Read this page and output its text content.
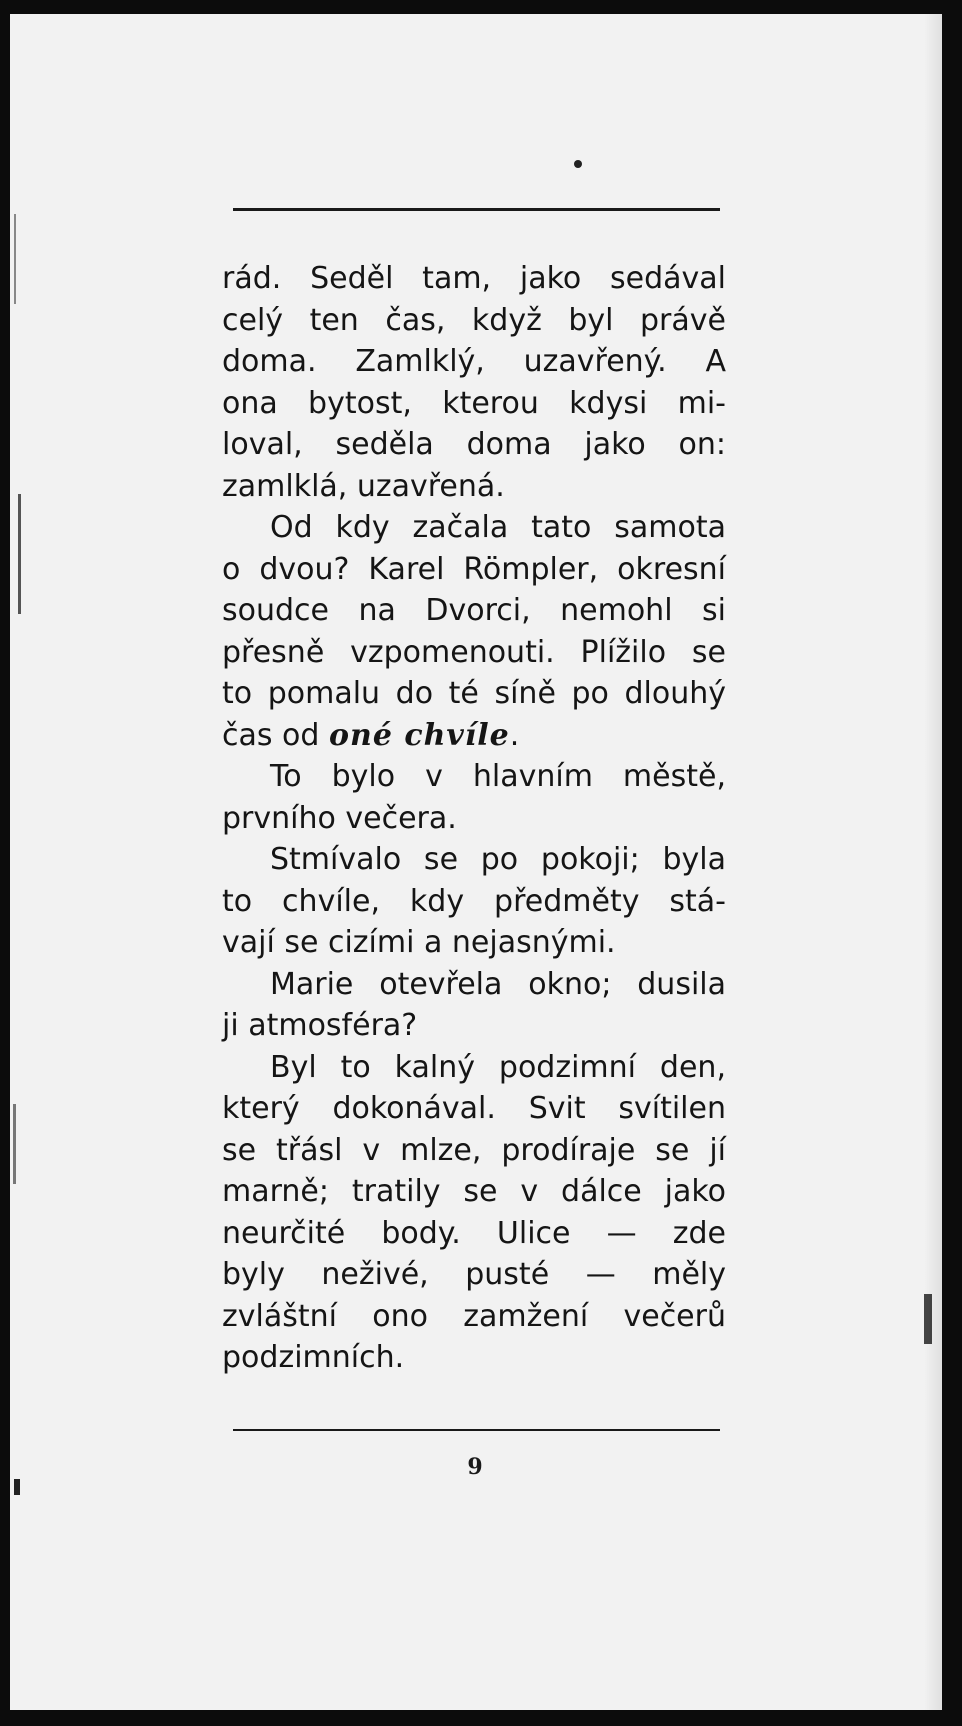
rád. Seděl tam, jako sedával
celý ten čas, když byl právě
doma. Zamlklý, uzavřený. A
ona bytost, kterou kdysi mi-
loval, seděla doma jako on:
zamlklá, uzavřená.
Od kdy začala tato samota
o dvou? Karel Römpler, okresní
soudce na Dvorci, nemohl si
přesně vzpomenouti. Plížilo se
to pomalu do té síně po dlouhý
čas od oné chvíle.
To bylo v hlavním městě,
prvního večera.
Stmívalo se po pokoji; byla
to chvíle, kdy předměty stá-
vají se cizími a nejasnými.
Marie otevřela okno; dusila
ji atmosféra?
Byl to kalný podzimní den,
který dokonával. Svit svítilen
se třásl v mlze, prodíraje se jí
marně; tratily se v dálce jako
neurčité body. Ulice — zde
byly neživé, pusté — měly
zvláštní ono zamžení večerů
podzimních.
9
